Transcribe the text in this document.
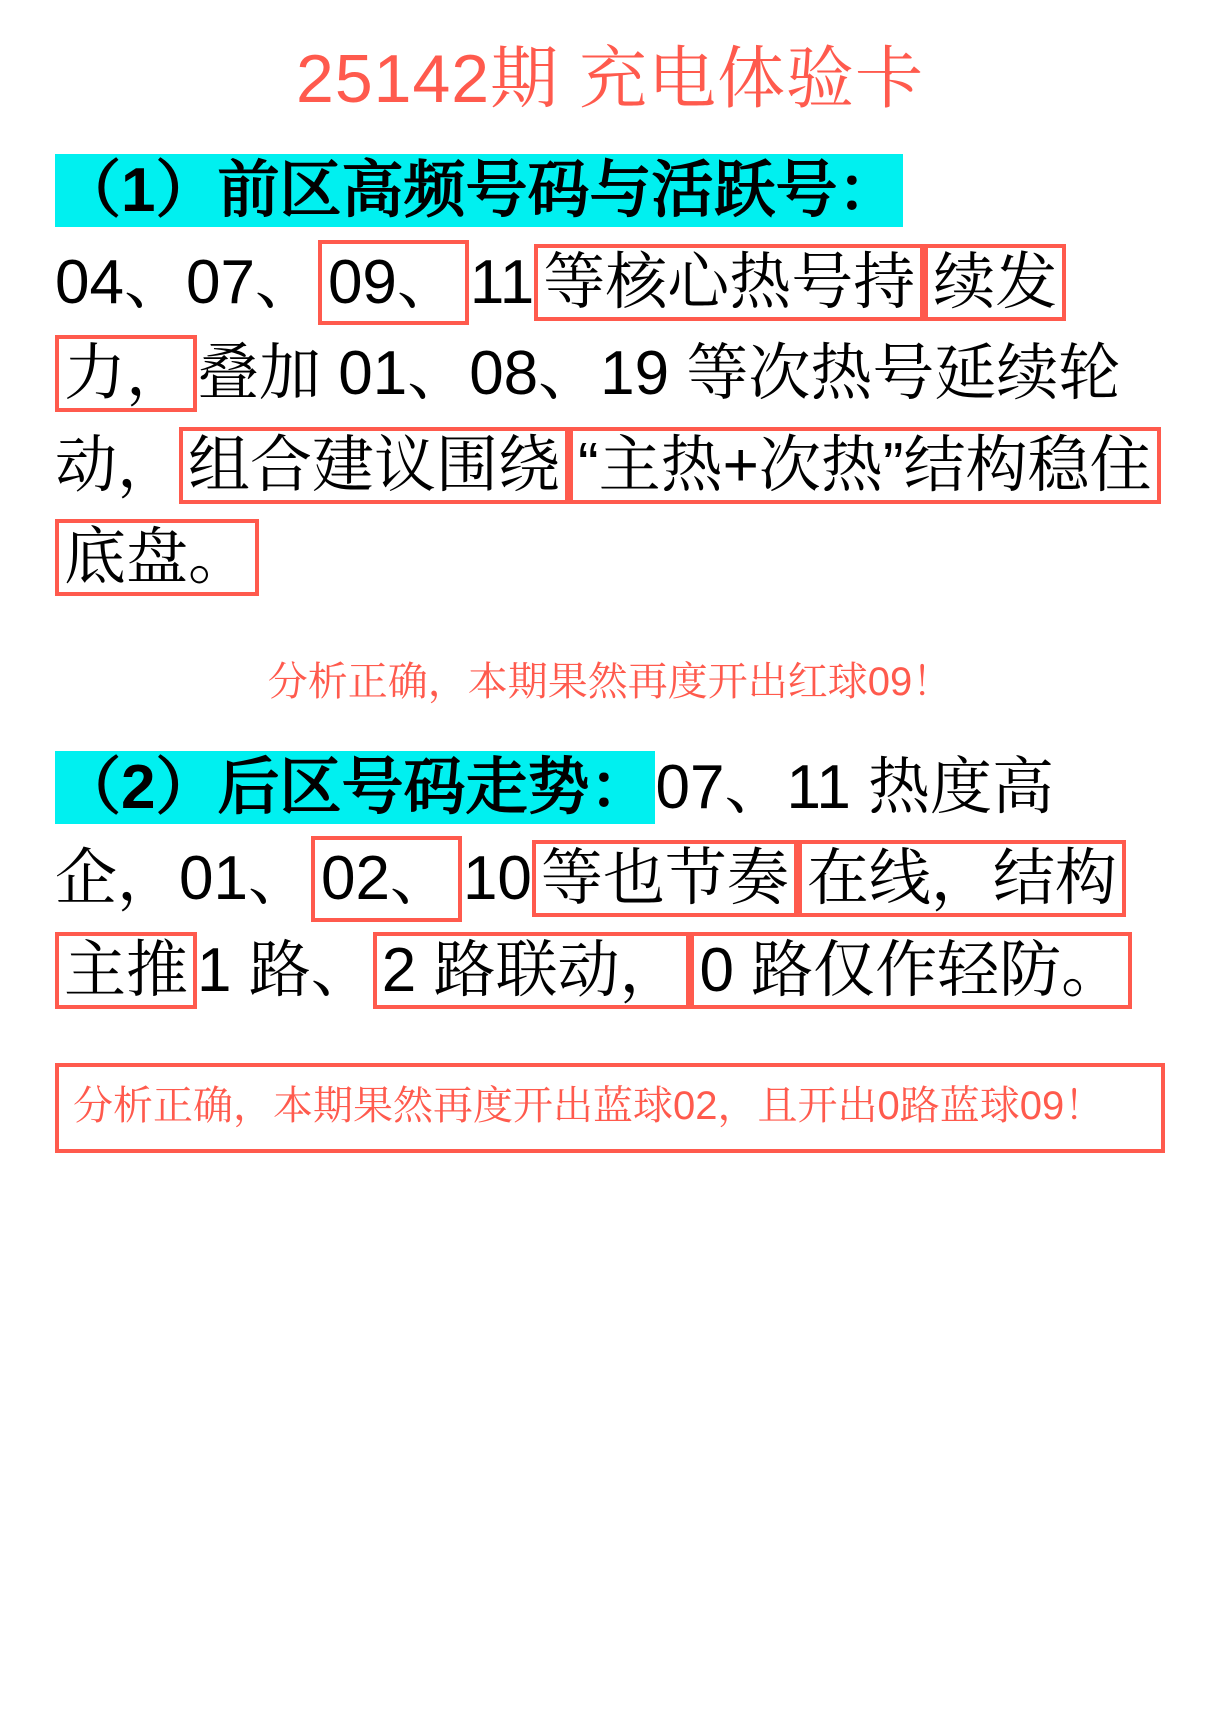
25142期 充电体验卡
（1）前区高频号码与活跃号：
04、07、 09、 11 等核心热号持 续发力， 叠加 01、08、19 等次热号延续轮动， 组合建议围绕 “主热+次热”结构稳住底盘。
分析正确，本期果然再度开出红球09！
（2）后区号码走势：07、11 热度高企，01、 02、 10 等也节奏 在线，结构主推 1 路、 2 路联动， 0 路仅作轻防。
分析正确，本期果然再度开出蓝球02，且开出0路蓝球09！
